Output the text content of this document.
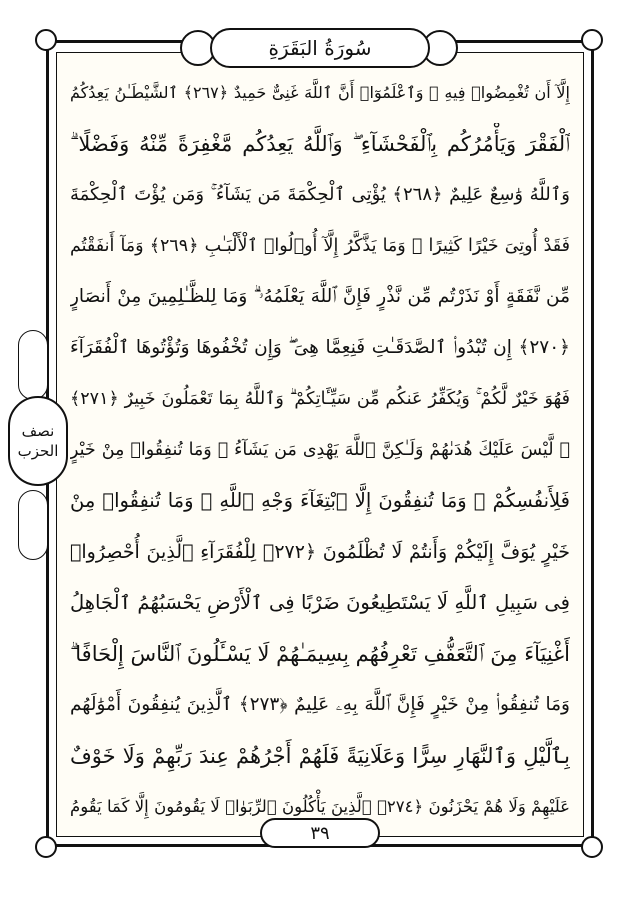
سُورَةُ البَقَرَةِ
نصف
الحزب
إِلَّآ أَن تُغْمِضُوا۟ فِيهِ ۚ وَٱعْلَمُوٓا۟ أَنَّ ٱللَّهَ غَنِىٌّ حَمِيدٌ ﴿٢٦٧﴾ ٱلشَّيْطَـٰنُ يَعِدُكُمُ
ٱلْفَقْرَ وَيَأْمُرُكُم بِٱلْفَحْشَآءِ ۖ وَٱللَّهُ يَعِدُكُم مَّغْفِرَةً مِّنْهُ وَفَضْلًا ۗ
وَٱللَّهُ وَٰسِعٌ عَلِيمٌ ﴿٢٦٨﴾ يُؤْتِى ٱلْحِكْمَةَ مَن يَشَآءُ ۚ وَمَن يُؤْتَ ٱلْحِكْمَةَ
فَقَدْ أُوتِىَ خَيْرًا كَثِيرًا ۗ وَمَا يَذَّكَّرُ إِلَّآ أُو۟لُوا۟ ٱلْأَلْبَـٰبِ ﴿٢٦٩﴾ وَمَآ أَنفَقْتُم
مِّن نَّفَقَةٍ أَوْ نَذَرْتُم مِّن نَّذْرٍ فَإِنَّ ٱللَّهَ يَعْلَمُهُۥ ۗ وَمَا لِلظَّـٰلِمِينَ مِنْ أَنصَارٍ
﴿٢٧٠﴾ إِن تُبْدُوا۟ ٱلصَّدَقَـٰتِ فَنِعِمَّا هِىَ ۖ وَإِن تُخْفُوهَا وَتُؤْتُوهَا ٱلْفُقَرَآءَ
فَهُوَ خَيْرٌ لَّكُمْ ۚ وَيُكَفِّرُ عَنكُم مِّن سَيِّـَٔاتِكُمْ ۗ وَٱللَّهُ بِمَا تَعْمَلُونَ خَبِيرٌ ﴿٢٧١﴾
۞ لَّيْسَ عَلَيْكَ هُدَىٰهُمْ وَلَـٰكِنَّ ٱللَّهَ يَهْدِى مَن يَشَآءُ ۗ وَمَا تُنفِقُوا۟ مِنْ خَيْرٍ
فَلِأَنفُسِكُمْ ۚ وَمَا تُنفِقُونَ إِلَّا ٱبْتِغَآءَ وَجْهِ ٱللَّهِ ۚ وَمَا تُنفِقُوا۟ مِنْ
خَيْرٍ يُوَفَّ إِلَيْكُمْ وَأَنتُمْ لَا تُظْلَمُونَ ﴿٢٧٢﴾ لِلْفُقَرَآءِ ٱلَّذِينَ أُحْصِرُوا۟
فِى سَبِيلِ ٱللَّهِ لَا يَسْتَطِيعُونَ ضَرْبًا فِى ٱلْأَرْضِ يَحْسَبُهُمُ ٱلْجَاهِلُ
أَغْنِيَآءَ مِنَ ٱلتَّعَفُّفِ تَعْرِفُهُم بِسِيمَـٰهُمْ لَا يَسْـَٔلُونَ ٱلنَّاسَ إِلْحَافًا ۗ
وَمَا تُنفِقُوا۟ مِنْ خَيْرٍ فَإِنَّ ٱللَّهَ بِهِۦ عَلِيمٌ ﴿٢٧٣﴾ ٱلَّذِينَ يُنفِقُونَ أَمْوَٰلَهُم
بِٱلَّيْلِ وَٱلنَّهَارِ سِرًّا وَعَلَانِيَةً فَلَهُمْ أَجْرُهُمْ عِندَ رَبِّهِمْ وَلَا خَوْفٌ
عَلَيْهِمْ وَلَا هُمْ يَحْزَنُونَ ﴿٢٧٤﴾ ٱلَّذِينَ يَأْكُلُونَ ٱلرِّبَوٰا۟ لَا يَقُومُونَ إِلَّا كَمَا يَقُومُ
٣٩
